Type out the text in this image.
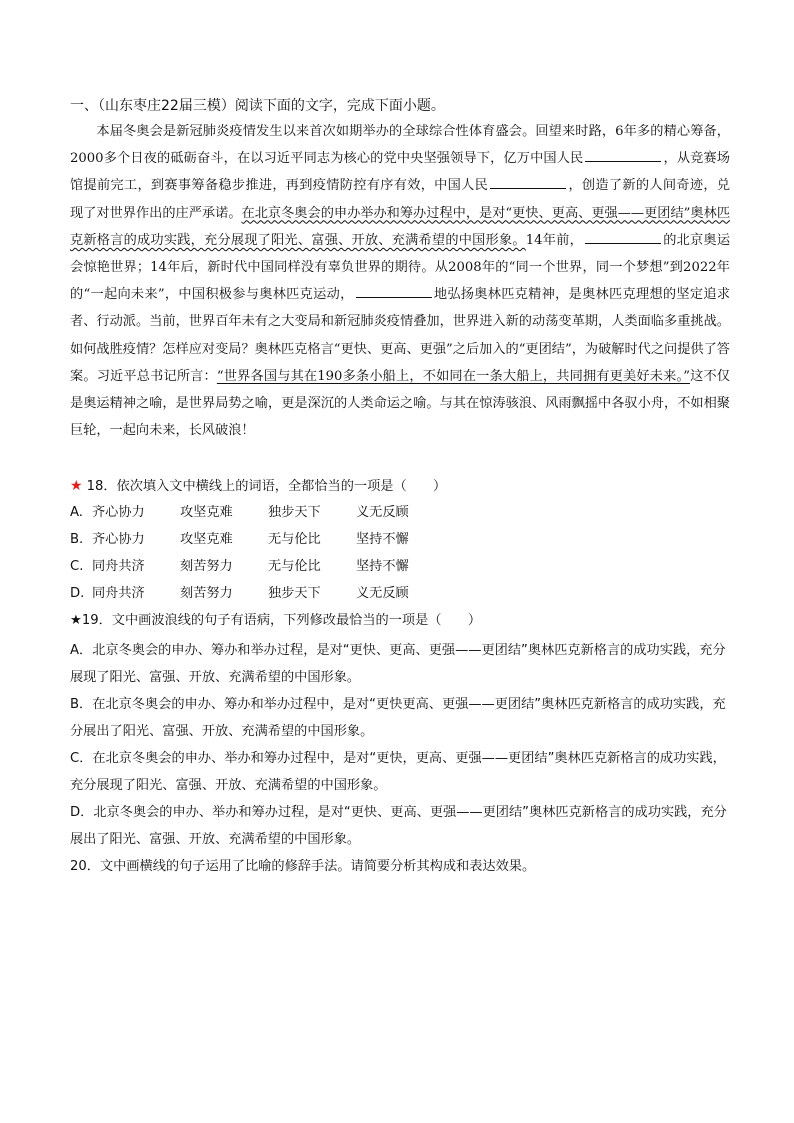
一、（山东枣庄22届三模）阅读下面的文字，完成下面小题。
本届冬奥会是新冠肺炎疫情发生以来首次如期举办的全球综合性体育盛会。回望来时路，6年多的精心筹备，2000多个日夜的砥砺奋斗，在以习近平同志为核心的党中央坚强领导下，亿万中国人民	，从竞赛场馆提前完工，到赛事筹备稳步推进，再到疫情防控有序有效，中国人民	，创造了新的人间奇迹，兑现了对世界作出的庄严承诺。在北京冬奥会的申办举办和筹办过程中，是对“更快、更高、更强——更团结”奥林匹克新格言的成功实践，充分展现了阳光、富强、开放、充满希望的中国形象。14年前，	的北京奥运会惊艳世界；14年后，新时代中国同样没有辜负世界的期待。从2008年的“同一个世界，同一个梦想”到2022年的“一起向未来”，中国积极参与奥林匹克运动，	地弘扬奥林匹克精神，是奥林匹克理想的坚定追求者、行动派。当前，世界百年未有之大变局和新冠肺炎疫情叠加，世界进入新的动荡变革期，人类面临多重挑战。如何战胜疫情？怎样应对变局？奥林匹克格言“更快、更高、更强”之后加入的“更团结”，为破解时代之问提供了答案。习近平总书记所言：“世界各国与其在190多条小船上，不如同在一条大船上，共同拥有更美好未来。”这不仅是奥运精神之喻，是世界局势之喻，更是深沉的人类命运之喻。与其在惊涛骇浪、风雨飘摇中各驭小舟，不如相聚巨轮，一起向未来，长风破浪！
★ 18．依次填入文中横线上的词语，全都恰当的一项是（　　）
A. 齐心协力	攻坚克难	独步天下	义无反顾
B. 齐心协力	攻坚克难	无与伦比	坚持不懈
C. 同舟共济	刻苦努力	无与伦比	坚持不懈
D. 同舟共济	刻苦努力	独步天下	义无反顾
★19．文中画波浪线的句子有语病，下列修改最恰当的一项是（　　）
A．北京冬奥会的申办、筹办和举办过程，是对“更快、更高、更强——更团结”奥林匹克新格言的成功实践，充分展现了阳光、富强、开放、充满希望的中国形象。
B．在北京冬奥会的申办、筹办和举办过程中，是对“更快更高、更强——更团结”奥林匹克新格言的成功实践，充分展出了阳光、富强、开放、充满希望的中国形象。
C．在北京冬奥会的申办、举办和筹办过程中，是对“更快，更高、更强——更团结”奥林匹克新格言的成功实践，充分展现了阳光、富强、开放、充满希望的中国形象。
D．北京冬奥会的申办、举办和筹办过程，是对“更快、更高、更强——更团结”奥林匹克新格言的成功实践，充分展出了阳光、富强、开放、充满希望的中国形象。
20．文中画横线的句子运用了比喻的修辞手法。请简要分析其构成和表达效果。
